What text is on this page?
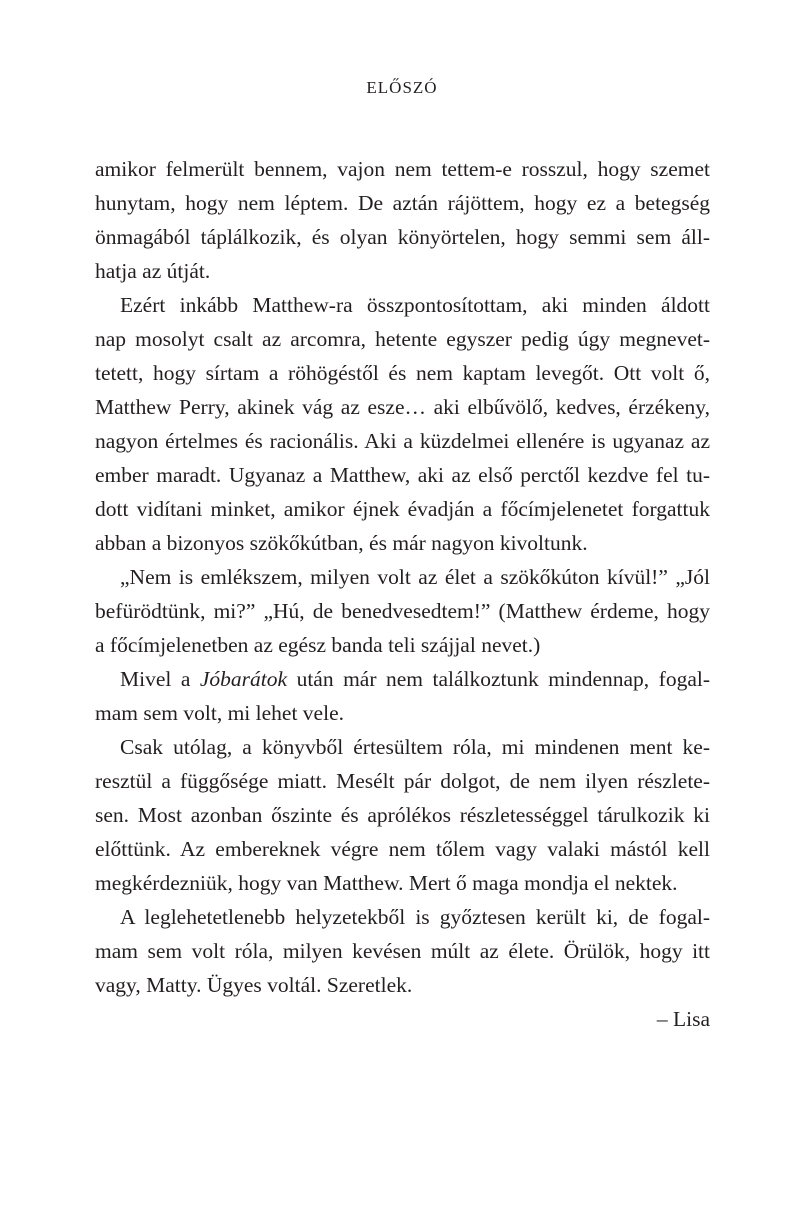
ELŐSZÓ
amikor felmerült bennem, vajon nem tettem-e rosszul, hogy szemet
hunytam, hogy nem léptem. De aztán rájöttem, hogy ez a betegség
önmagából táplálkozik, és olyan könyörtelen, hogy semmi sem áll-
hatja az útját.
Ezért inkább Matthew-ra összpontosítottam, aki minden áldott
nap mosolyt csalt az arcomra, hetente egyszer pedig úgy megnevet-
tetett, hogy sírtam a röhögéstől és nem kaptam levegőt. Ott volt ő,
Matthew Perry, akinek vág az esze… aki elbűvölő, kedves, érzékeny,
nagyon értelmes és racionális. Aki a küzdelmei ellenére is ugyanaz az
ember maradt. Ugyanaz a Matthew, aki az első perctől kezdve fel tu-
dott vidítani minket, amikor éjnek évadján a főcímjelenetet forgattuk
abban a bizonyos szökőkútban, és már nagyon kivoltunk.
„Nem is emlékszem, milyen volt az élet a szökőkúton kívül!” „Jól
befürödtünk, mi?” „Hú, de benedvesedtem!” (Matthew érdeme, hogy
a főcímjelenetben az egész banda teli szájjal nevet.)
Mivel a Jóbarátok után már nem találkoztunk mindennap, fogal-
mam sem volt, mi lehet vele.
Csak utólag, a könyvből értesültem róla, mi mindenen ment ke-
resztül a függősége miatt. Mesélt pár dolgot, de nem ilyen részlete-
sen. Most azonban őszinte és aprólékos részletességgel tárulkozik ki
előttünk. Az embereknek végre nem tőlem vagy valaki mástól kell
megkérdezniük, hogy van Matthew. Mert ő maga mondja el nektek.
A leglehetetlenebb helyzetekből is győztesen került ki, de fogal-
mam sem volt róla, milyen kevésen múlt az élete. Örülök, hogy itt
vagy, Matty. Ügyes voltál. Szeretlek.
– Lisa
